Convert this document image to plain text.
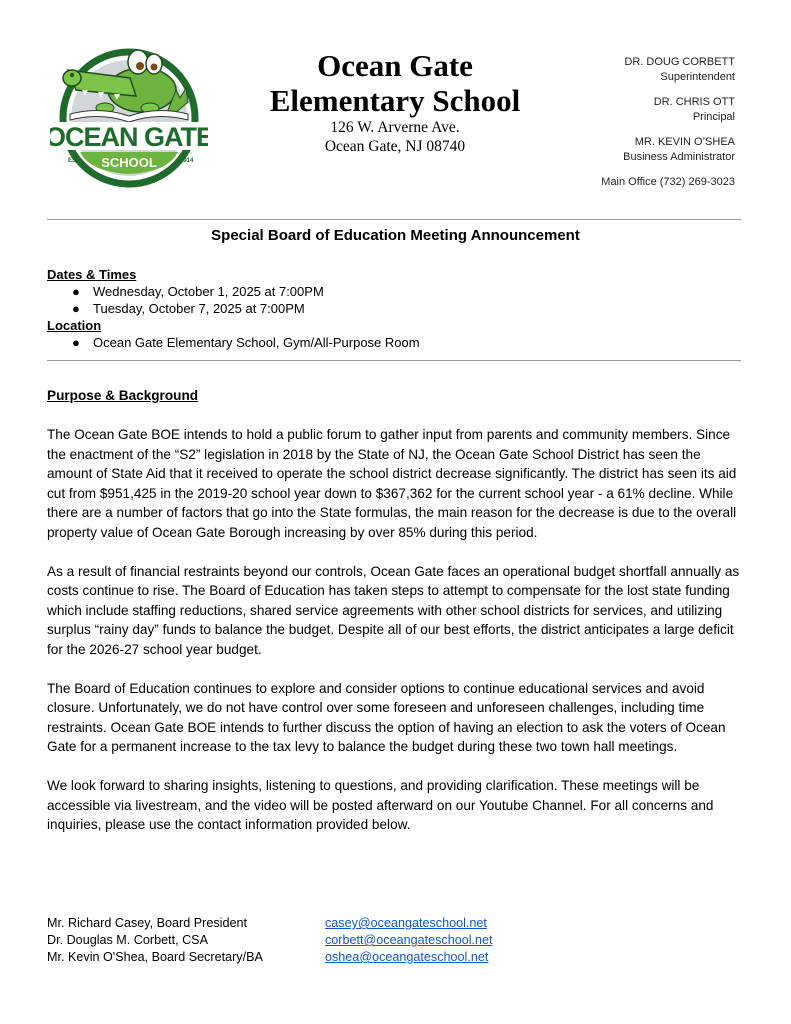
OCEAN GATE
SCHOOL
EST.	1914
Ocean Gate
Elementary School
126 W. Arverne Ave.
Ocean Gate, NJ 08740
DR. DOUG CORBETT
Superintendent
DR. CHRIS OTT
Principal
MR. KEVIN O’SHEA
Business Administrator
Main Office (732) 269-3023
Special Board of Education Meeting Announcement
Dates & Times
● Wednesday, October 1, 2025 at 7:00PM
● Tuesday, October 7, 2025 at 7:00PM
Location
● Ocean Gate Elementary School, Gym/All-Purpose Room
Purpose & Background

The Ocean Gate BOE intends to hold a public forum to gather input from parents and community members. Since the enactment of the “S2” legislation in 2018 by the State of NJ, the Ocean Gate School District has seen the amount of State Aid that it received to operate the school district decrease significantly. The district has seen its aid cut from $951,425 in the 2019-20 school year down to $367,362 for the current school year - a 61% decline. While there are a number of factors that go into the State formulas, the main reason for the decrease is due to the overall property value of Ocean Gate Borough increasing by over 85% during this period.

As a result of financial restraints beyond our controls, Ocean Gate faces an operational budget shortfall annually as costs continue to rise. The Board of Education has taken steps to attempt to compensate for the lost state funding which include staffing reductions, shared service agreements with other school districts for services, and utilizing surplus “rainy day” funds to balance the budget. Despite all of our best efforts, the district anticipates a large deficit for the 2026-27 school year budget.

The Board of Education continues to explore and consider options to continue educational services and avoid closure. Unfortunately, we do not have control over some foreseen and unforeseen challenges, including time restraints. Ocean Gate BOE intends to further discuss the option of having an election to ask the voters of Ocean Gate for a permanent increase to the tax levy to balance the budget during these two town hall meetings.

We look forward to sharing insights, listening to questions, and providing clarification. These meetings will be accessible via livestream, and the video will be posted afterward on our Youtube Channel. For all concerns and inquiries, please use the contact information provided below.

Mr. Richard Casey, Board President	casey@oceangateschool.net
Dr. Douglas M. Corbett, CSA	corbett@oceangateschool.net
Mr. Kevin O'Shea, Board Secretary/BA	oshea@oceangateschool.net
